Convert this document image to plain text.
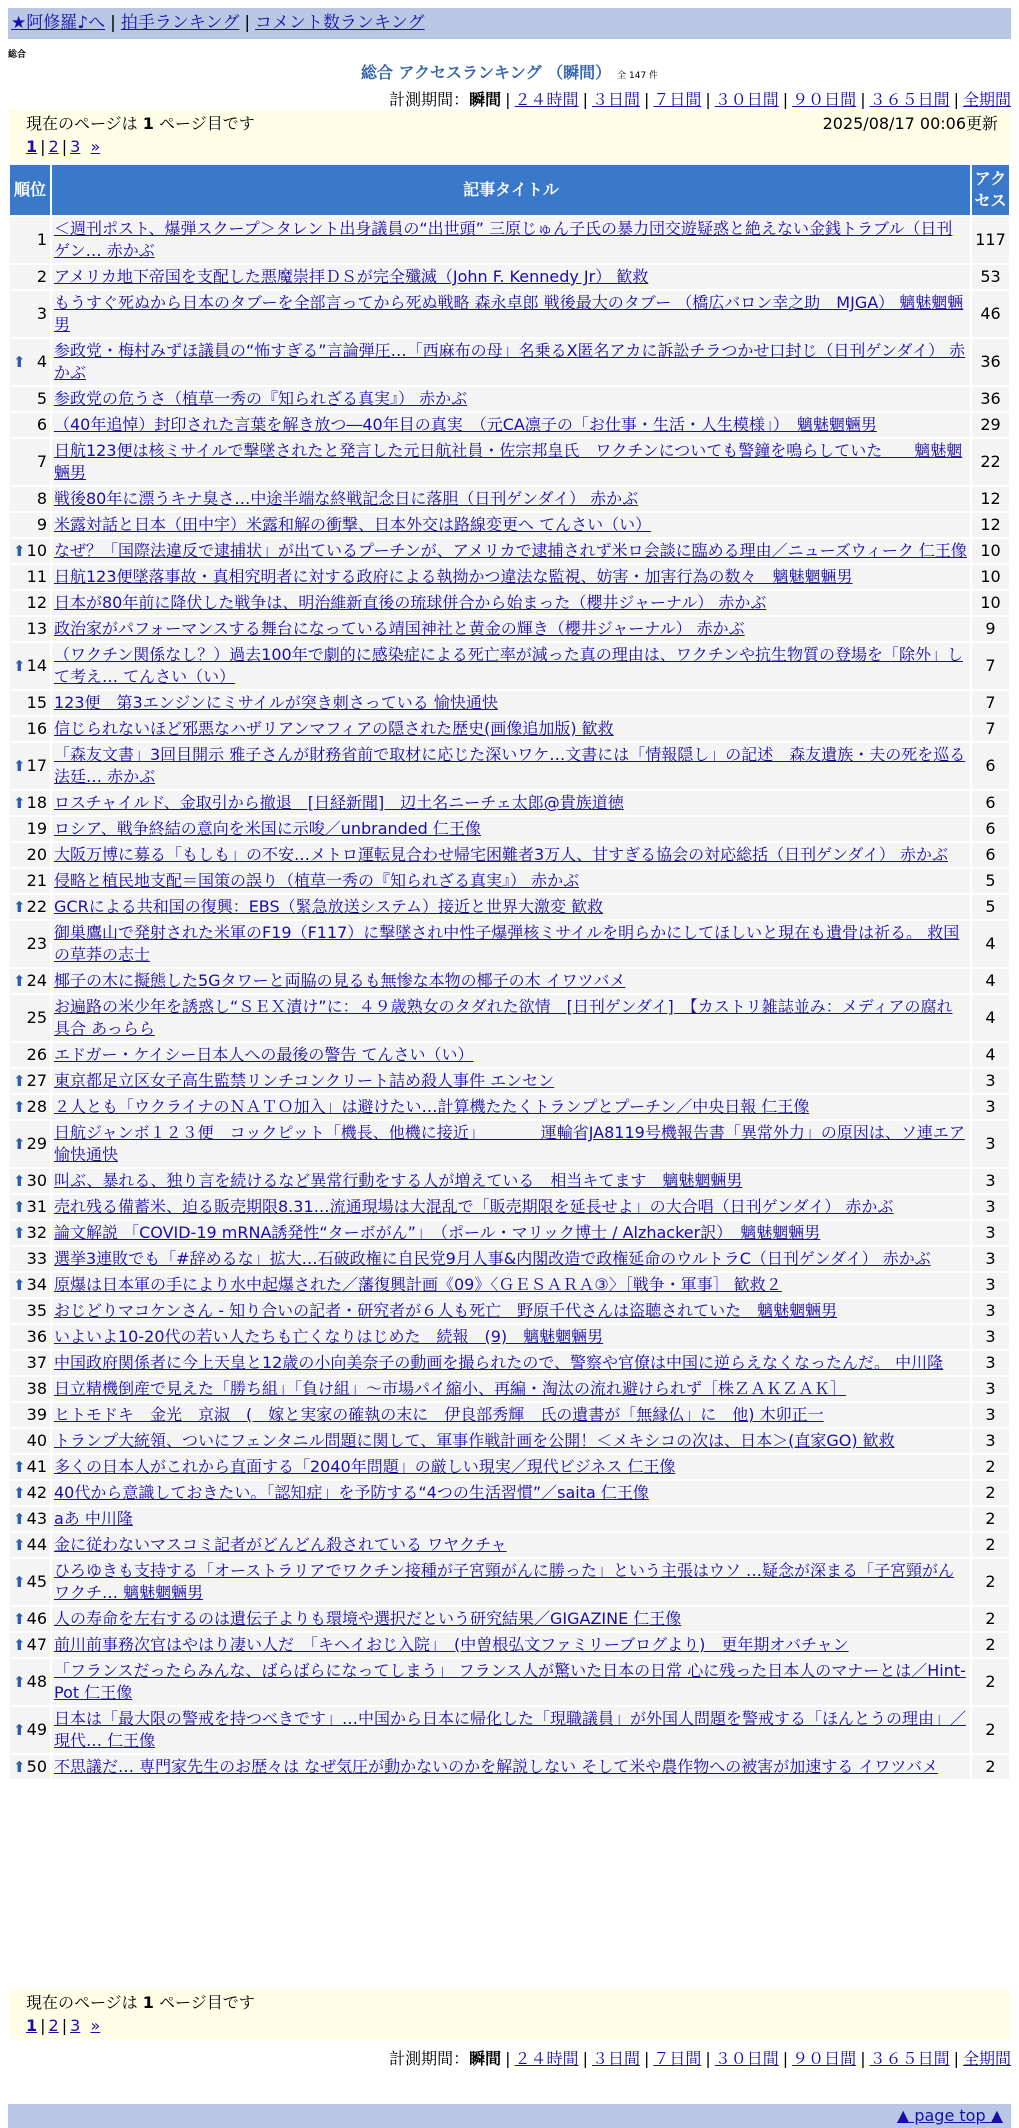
★阿修羅♪へ | 拍手ランキング | コメント数ランキング
総合
総合 アクセスランキング （瞬間） 全 147 件
計測期間：瞬間 | ２４時間 | ３日間 | ７日間 | ３０日間 | ９０日間 | ３６５日間 | 全期間
現在のページは 1 ページ目です	2025/08/17 00:06更新
1 | 2 | 3 »
順位	記事タイトル	アクセス
1	＜週刊ポスト、爆弾スクープ＞タレント出身議員の“出世頭” 三原じゅん子氏の暴力団交遊疑惑と絶えない金銭トラブル（日刊ゲン… 赤かぶ	117
2	アメリカ地下帝国を支配した悪魔崇拝ＤＳが完全殲滅（John F. Kennedy Jr） 歓救	53
3	もうすぐ死ぬから日本のタブーを全部言ってから死ぬ戦略 森永卓郎 戦後最大のタブー （橋広バロン幸之助　MJGA） 魑魅魍魎男	46

⬆ 4	参政党・梅村みずほ議員の“怖すぎる”言論弾圧…「西麻布の母」名乗るX匿名アカに訴訟チラつかせ口封じ（日刊ゲンダイ） 赤かぶ	36
5	参政党の危うさ（植草一秀の『知られざる真実』） 赤かぶ	36
6	（40年追悼）封印された言葉を解き放つ―40年目の真実　（元CA凛子の「お仕事・生活・人生模様」）　魑魅魍魎男	29
7	日航123便は核ミサイルで撃墜されたと発言した元日航社員・佐宗邦皇氏　ワクチンについても警鐘を鳴らしていた　　魑魅魍魎男	22
8	戦後80年に漂うキナ臭さ…中途半端な終戦記念日に落胆（日刊ゲンダイ） 赤かぶ	12
9	米露対話と日本（田中宇）米露和解の衝撃、日本外交は路線変更へ てんさい（い）	12

⬆ 10	なぜ？「国際法違反で逮捕状」が出ているプーチンが、アメリカで逮捕されず米ロ会談に臨める理由／ニューズウィーク 仁王像	10
11	日航123便墜落事故・真相究明者に対する政府による執拗かつ違法な監視、妨害・加害行為の数々　魑魅魍魎男	10
12	日本が80年前に降伏した戦争は、明治維新直後の琉球併合から始まった（櫻井ジャーナル） 赤かぶ	10
13	政治家がパフォーマンスする舞台になっている靖国神社と黄金の輝き（櫻井ジャーナル） 赤かぶ	9

⬆ 14	（ワクチン関係なし？）過去100年で劇的に感染症による死亡率が減った真の理由は、ワクチンや抗生物質の登場を「除外」して考え… てんさい（い）	7
15	123便　第3エンジンにミサイルが突き刺さっている 愉快通快	7
16	信じられないほど邪悪なハザリアンマフィアの隠された歴史(画像追加版) 歓救	7

⬆ 17	「森友文書」3回目開示 雅子さんが財務省前で取材に応じた深いワケ…文書には「情報隠し」の記述　森友遺族・夫の死を巡る法廷… 赤かぶ	6

⬆ 18	ロスチャイルド、金取引から撤退　[日経新聞]　辺土名ニーチェ太郎@貴族道徳	6
19	ロシア、戦争終結の意向を米国に示唆／unbranded 仁王像	6
20	大阪万博に募る「もしも」の不安…メトロ運転見合わせ帰宅困難者3万人、甘すぎる協会の対応総括（日刊ゲンダイ） 赤かぶ	6
21	侵略と植民地支配＝国策の誤り（植草一秀の『知られざる真実』） 赤かぶ	5

⬆ 22	GCRによる共和国の復興：EBS（緊急放送システム）接近と世界大激変 歓救	5
23	御巣鷹山で発射された米軍のF19（F117）に撃墜され中性子爆弾核ミサイルを明らかにしてほしいと現在も遺骨は祈る。 救国の草莽の志士	4

⬆ 24	椰子の木に擬態した5Gタワーと両脇の見るも無惨な本物の椰子の木 イワツバメ	4
25	お遍路の米少年を誘惑し“ＳＥＸ漬け”に：４９歳熟女のタダれた欲情　[日刊ゲンダイ]　【カストリ雑誌並み：メディアの腐れ具合 あっらら	4
26	エドガー・ケイシー日本人への最後の警告 てんさい（い）	4

⬆ 27	東京都足立区女子高生監禁リンチコンクリート詰め殺人事件 エンセン	3

⬆ 28	２人とも「ウクライナのＮＡＴＯ加入」は避けたい…計算機たたくトランプとプーチン／中央日報 仁王像	3

⬆ 29	日航ジャンボ１２３便　コックピット「機長、他機に接近」　　　　運輸省JA8119号機報告書「異常外力」の原因は、ソ連エア 愉快通快	3

⬆ 30	叫ぶ、暴れる、独り言を続けるなど異常行動をする人が増えている　相当キてます　魑魅魍魎男	3

⬆ 31	売れ残る備蓄米、迫る販売期限8.31…流通現場は大混乱で「販売期限を延長せよ」の大合唱（日刊ゲンダイ） 赤かぶ	3

⬆ 32	論文解説 「COVID-19 mRNA誘発性“ターボがん”」　（ポール・マリック博士 / Alzhacker訳）　魑魅魍魎男	3
33	選挙3連敗でも「#辞めるな」拡大…石破政権に自民党9月人事&内閣改造で政権延命のウルトラC（日刊ゲンダイ） 赤かぶ	3

⬆ 34	原爆は日本軍の手により水中起爆された／藩復興計画《09》〈ＧＥＳＡＲＡ③〉［戦争・軍事］ 歓救２	3
35	おじどりマコケンさん - 知り合いの記者・研究者が６人も死亡　野原千代さんは盗聴されていた　魑魅魍魎男	3
36	いよいよ10-20代の若い人たちも亡くなりはじめた　続報　(9)　魑魅魍魎男	3
37	中国政府関係者に今上天皇と12歳の小向美奈子の動画を撮られたので、警察や官僚は中国に逆らえなくなったんだ。 中川隆	3
38	日立精機倒産で見えた「勝ち組」「負け組」～市場パイ縮小、再編・淘汰の流れ避けられず［株ＺＡＫＺＡＫ］	3
39	ヒトモドキ　金光　京淑　(　嫁と実家の確執の末に　伊良部秀輝　氏の遺書が「無縁仏」に　他) 木卯正一	3
40	トランプ大統領、ついにフェンタニル問題に関して、軍事作戦計画を公開！＜メキシコの次は、日本＞(直家GO) 歓救	3

⬆ 41	多くの日本人がこれから直面する「2040年問題」の厳しい現実／現代ビジネス 仁王像	2

⬆ 42	40代から意識しておきたい。「認知症」を予防する“4つの生活習慣”／saita 仁王像	2

⬆ 43	aあ 中川隆	2

⬆ 44	金に従わないマスコミ記者がどんどん殺されている ワヤクチャ	2

⬆ 45	ひろゆきも支持する「オーストラリアでワクチン接種が子宮頸がんに勝った」という主張はウソ …疑念が深まる「子宮頸がんワクチ… 魑魅魍魎男	2

⬆ 46	人の寿命を左右するのは遺伝子よりも環境や選択だという研究結果／GIGAZINE 仁王像	2

⬆ 47	前川前事務次官はやはり凄い人だ　「キヘイおじ入院」　(中曽根弘文ファミリーブログより)　更年期オバチャン	2

⬆ 48	「フランスだったらみんな、ばらばらになってしまう」 フランス人が驚いた日本の日常 心に残った日本人のマナーとは／Hint-Pot 仁王像	2

⬆ 49	日本は「最大限の警戒を持つべきです」…中国から日本に帰化した「現職議員」が外国人問題を警戒する「ほんとうの理由」／現代… 仁王像	2

⬆ 50	不思議だ… 専門家先生のお歴々は なぜ気圧が動かないのかを解説しない そして米や農作物への被害が加速する イワツバメ	2
現在のページは 1 ページ目です
1 | 2 | 3 »
計測期間：瞬間 | ２４時間 | ３日間 | ７日間 | ３０日間 | ９０日間 | ３６５日間 | 全期間
▲ page top ▲
